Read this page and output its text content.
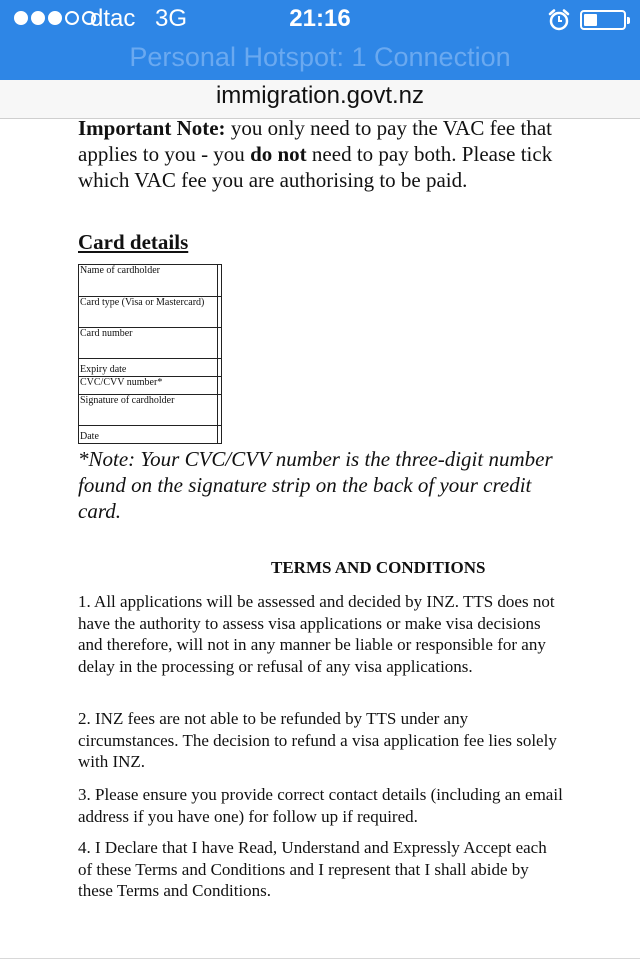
dtac 3G	21:16
Personal Hotspot: 1 Connection
immigration.govt.nz

Important Note: you only need to pay the VAC fee that applies to you - you do not need to pay both. Please tick which VAC fee you are authorising to be paid.

Card details
Name of cardholder	
Card type (Visa or Mastercard)	
Card number	
Expiry date	
CVC/CVV number*	
Signature of cardholder	
Date	

*Note: Your CVC/CVV number is the three-digit number found on the signature strip on the back of your credit card.

TERMS AND CONDITIONS

1. All applications will be assessed and decided by INZ. TTS does not have the authority to assess visa applications or make visa decisions and therefore, will not in any manner be liable or responsible for any delay in the processing or refusal of any visa applications.

2. INZ fees are not able to be refunded by TTS under any circumstances. The decision to refund a visa application fee lies solely with INZ.

3. Please ensure you provide correct contact details (including an email address if you have one) for follow up if required.

4. I Declare that I have Read, Understand and Expressly Accept each of these Terms and Conditions and I represent that I shall abide by these Terms and Conditions.
